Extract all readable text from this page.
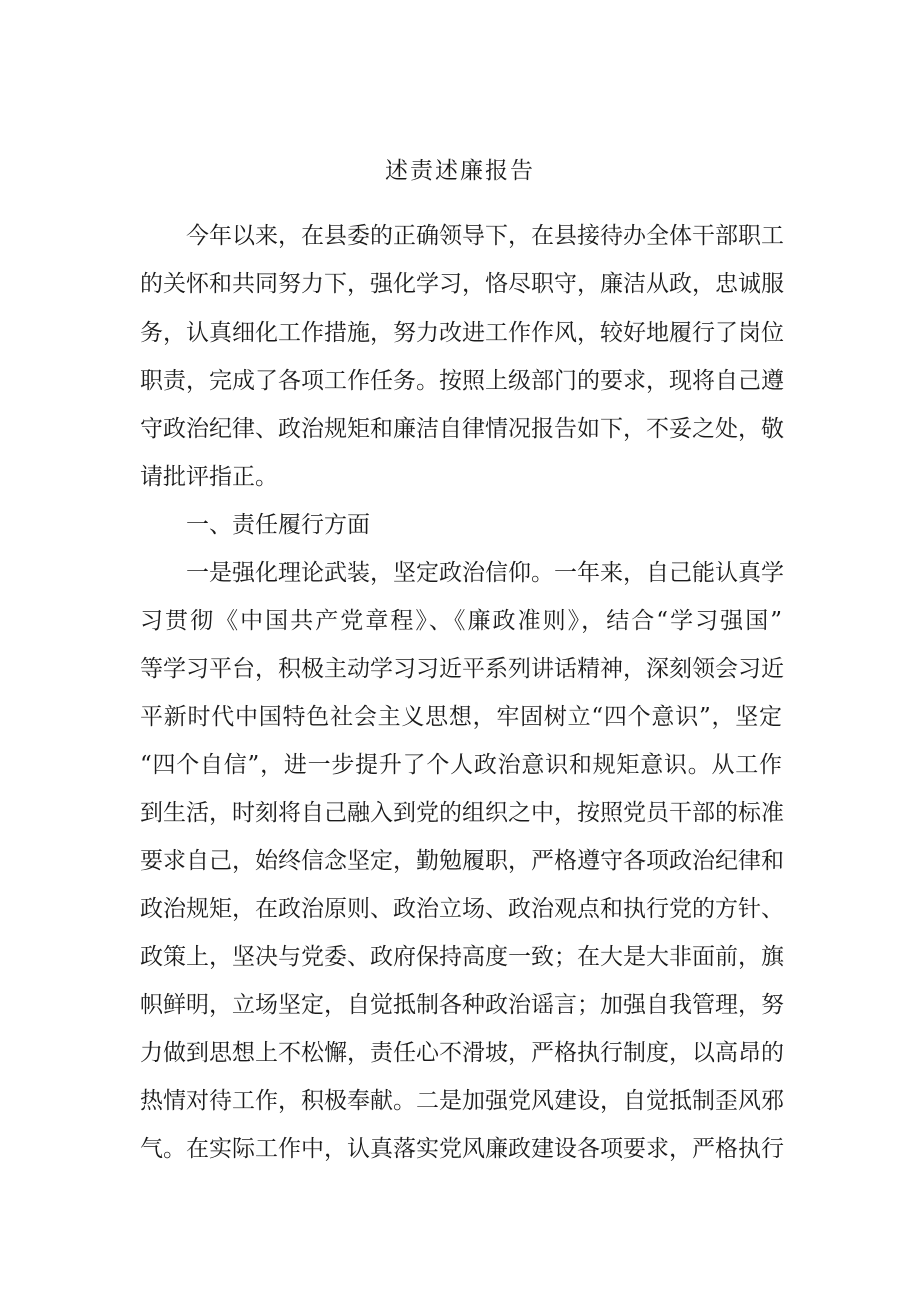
述责述廉报告

今年以来，在县委的正确领导下，在县接待办全体干部职工

的关怀和共同努力下，强化学习，恪尽职守，廉洁从政，忠诚服

务，认真细化工作措施，努力改进工作作风，较好地履行了岗位

职责，完成了各项工作任务。按照上级部门的要求，现将自己遵

守政治纪律、政治规矩和廉洁自律情况报告如下，不妥之处，敬

请批评指正。

一、责任履行方面

一是强化理论武装，坚定政治信仰。一年来，自己能认真学

习贯彻《中国共产党章程》、《廉政准则》，结合“学习强国”

等学习平台，积极主动学习习近平系列讲话精神，深刻领会习近

平新时代中国特色社会主义思想，牢固树立“四个意识”，坚定

“四个自信”，进一步提升了个人政治意识和规矩意识。从工作

到生活，时刻将自己融入到党的组织之中，按照党员干部的标准

要求自己，始终信念坚定，勤勉履职，严格遵守各项政治纪律和

政治规矩，在政治原则、政治立场、政治观点和执行党的方针、

政策上，坚决与党委、政府保持高度一致；在大是大非面前，旗

帜鲜明，立场坚定，自觉抵制各种政治谣言；加强自我管理，努

力做到思想上不松懈，责任心不滑坡，严格执行制度，以高昂的

热情对待工作，积极奉献。二是加强党风建设，自觉抵制歪风邪

气。在实际工作中，认真落实党风廉政建设各项要求，严格执行
